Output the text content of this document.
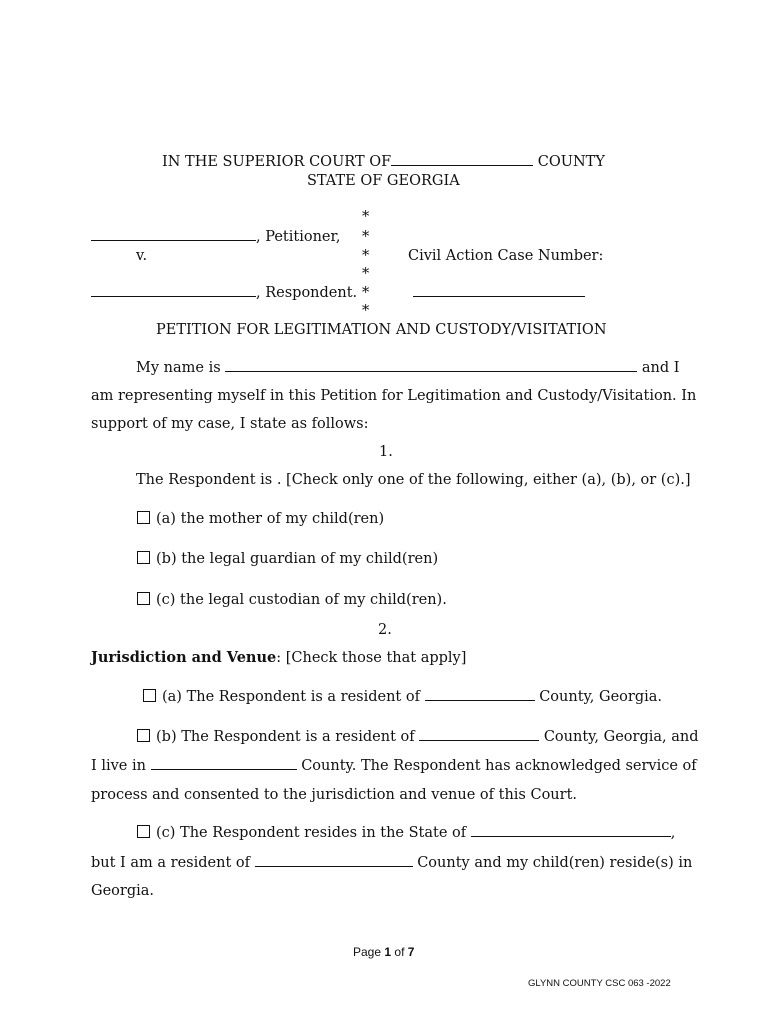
IN THE SUPERIOR COURT OF	COUNTY
STATE OF GEORGIA
*
, Petitioner, *
v.	*	Civil Action Case Number:
*
, Respondent. *
*
PETITION FOR LEGITIMATION AND CUSTODY/VISITATION
My name is	and I
am representing myself in this Petition for Legitimation and Custody/Visitation. In
support of my case, I state as follows:
1.
The Respondent is . [Check only one of the following, either (a), (b), or (c).]
(a) the mother of my child(ren)
(b) the legal guardian of my child(ren)
(c) the legal custodian of my child(ren).
2.
Jurisdiction and Venue: [Check those that apply]
(a) The Respondent is a resident of	County, Georgia.
(b) The Respondent is a resident of	County, Georgia, and
I live in	County. The Respondent has acknowledged service of
process and consented to the jurisdiction and venue of this Court.
(c) The Respondent resides in the State of	,
but I am a resident of	County and my child(ren) reside(s) in
Georgia.
Page 1 of 7
GLYNN COUNTY CSC 063 -2022
